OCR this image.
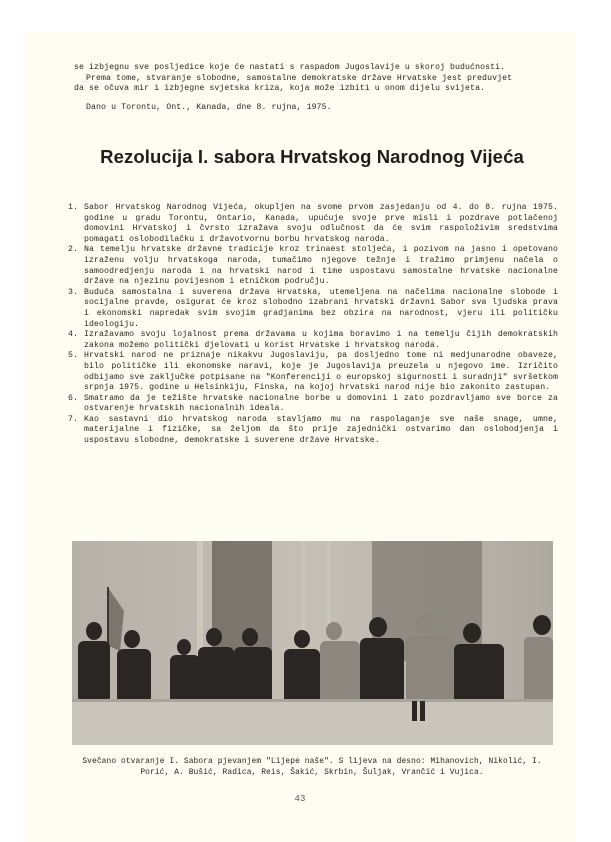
se izbjegnu sve posljedice koje će nastati s raspadom Jugoslavije u skoroj budućnosti.

Prema tome, stvaranje slobodne, samostalne demokratske države Hrvatske jest preduvjet

da se očuva mir i izbjegne svjetska kriza, koja može izbiti u onom dijelu svijeta.

Dano u Torontu, Ont., Kanada, dne 8. rujna, 1975.

Rezolucija I. sabora Hrvatskog Narodnog Vijeća
1. Sabor Hrvatskog Narodnog Vijeća, okupljen na svome prvom zasjedanju od 4. do 8. rujna 1975. godine u gradu Torontu, Ontario, Kanada, upućuje svoje prve misli i pozdrave potlačenoj domovini Hrvatskoj i čvrsto izražava svoju odlučnost da će svim raspoloživim sredstvima pomagati oslobodilačku i državotvornu borbu hrvatskog naroda.
2. Na temelju hrvatske državne tradicije kroz trinaest stoljeća, i pozivom na jasno i opetovano izraženu volju hrvatskoga naroda, tumačimo njegove težnje i tražimo primjenu načela o samoodredjenju naroda i na hrvatski narod i time uspostavu samostalne hrvatske nacionalne države na njezinu povijesnom i etničkom području.
3. Buduća samostalna i suverena država Hrvatska, utemeljena na načelima nacionalne slobode i socijalne pravde, osigurat će kroz slobodno izabrani hrvatski državni Sabor sva ljudska prava i ekonomski napredak svim svojim gradjanima bez obzira na narodnost, vjeru ili političku ideologiju.
4. Izražavamo svoju lojalnost prema državama u kojima boravimo i na temelju čijih demokratskih zakona možemo politički djelovati u korist Hrvatske i hrvatskog naroda.
5. Hrvatski narod ne priznaje nikakvu Jugoslaviju, pa dosljedno tome ni medjunarodne obaveze, bilo političke ili ekonomske naravi, koje je Jugoslavija preuzela u njegovo ime. Izričito odbijamo sve zaključke potpisane na "Konferenciji o europskoj sigurnosti i suradnji" svršetkom srpnja 1975. godine u Helsinkiju, Finska, na kojoj hrvatski narod nije bio zakonito zastupan.
6. Smatramo da je težište hrvatske nacionalne borbe u domovini i zato pozdravljamo sve borce za ostvarenje hrvatskih nacionalnih ideala.
7. Kao sastavni dio hrvatskog naroda stavljamo mu na raspolaganje sve naše snage, umne, materijalne i fizičke, sa željom da što prije zajednički ostvarimo dan oslobodjenja i uspostavu slobodne, demokratske i suverene države Hrvatske.
Svečano otvaranje I. Sabora pjevanjem "Lijepe naše". S lijeva na desno: Mihanovich, Nikolić, I. Porić, A. Bušić, Radica, Reis, Šakić, Skrbin, Šuljak, Vrančić i Vujica.
43
